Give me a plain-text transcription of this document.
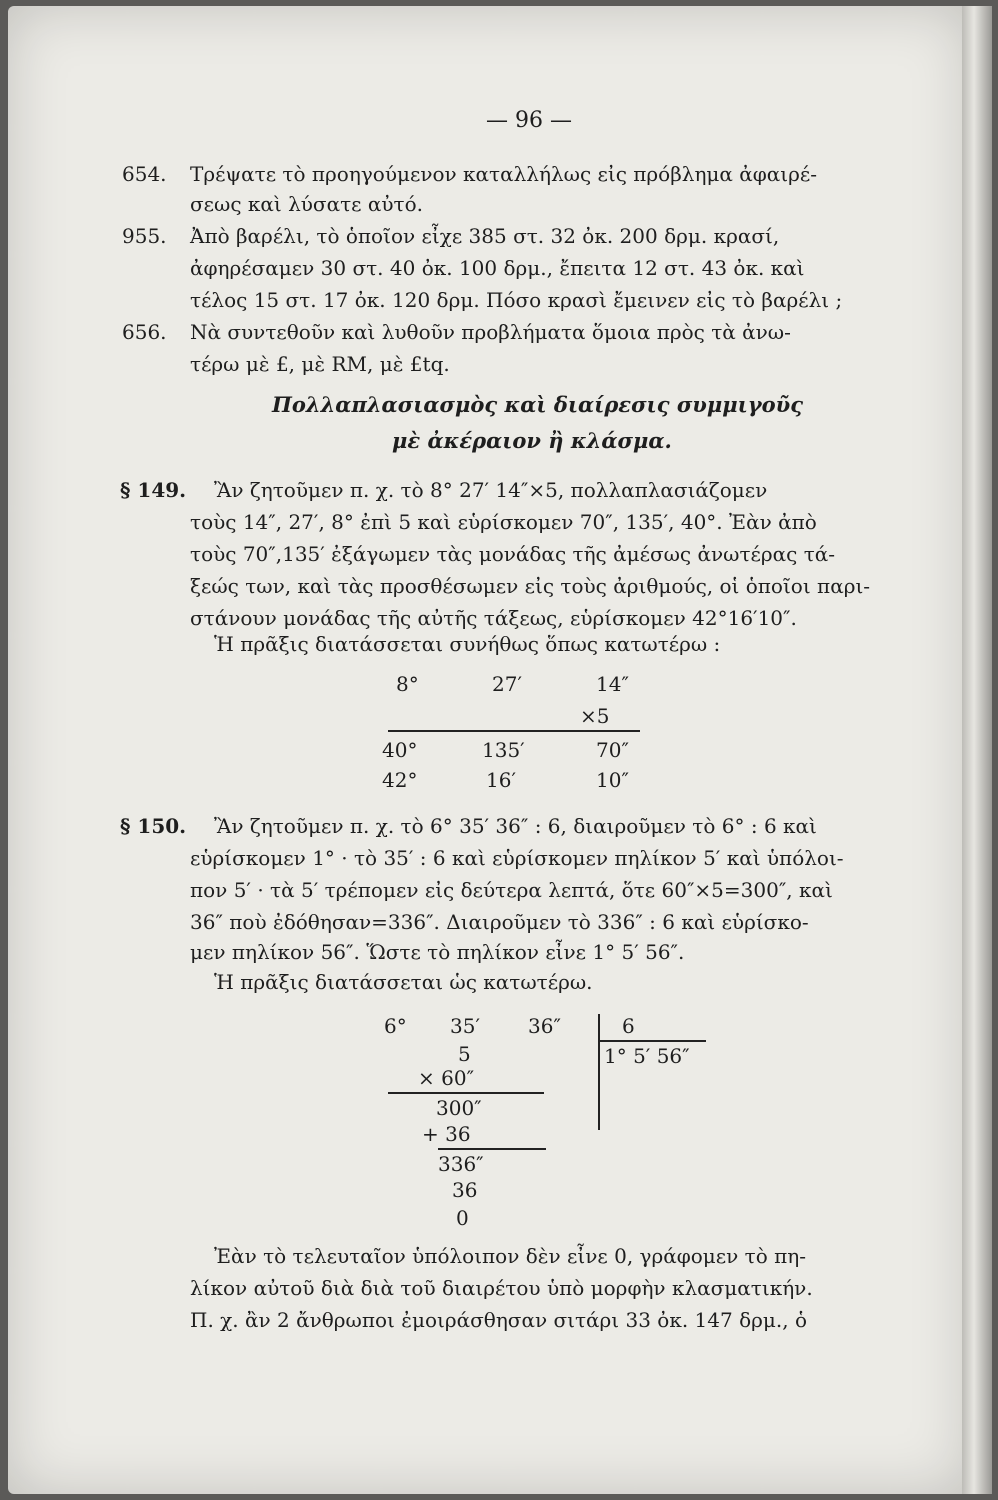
— 96 —
654. Τρέψατε τὸ προηγούμενον καταλλήλως εἰς πρόβλημα ἀφαιρέ-
σεως καὶ λύσατε αὐτό.
955. Ἀπὸ βαρέλι, τὸ ὁποῖον εἶχε 385 στ. 32 ὀκ. 200 δρμ. κρασί,
ἀφηρέσαμεν 30 στ. 40 ὀκ. 100 δρμ., ἔπειτα 12 στ. 43 ὀκ. καὶ
τέλος 15 στ. 17 ὀκ. 120 δρμ. Πόσο κρασὶ ἔμεινεν εἰς τὸ βαρέλι ;
656. Νὰ συντεθοῦν καὶ λυθοῦν προβλήματα ὅμοια πρὸς τὰ ἀνω-
τέρω μὲ £, μὲ RM, μὲ £tq.
Πολλαπλασιασμὸς καὶ διαίρεσις συμμιγοῦς
μὲ ἀκέραιον ἢ κλάσμα.
§ 149. Ἂν ζητοῦμεν π. χ. τὸ 8° 27′ 14″×5, πολλαπλασιάζομεν
τοὺς 14″, 27′, 8° ἐπὶ 5 καὶ εὑρίσκομεν 70″, 135′, 40°. Ἐὰν ἀπὸ
τοὺς 70″,135′ ἐξάγωμεν τὰς μονάδας τῆς ἀμέσως ἀνωτέρας τά-
ξεώς των, καὶ τὰς προσθέσωμεν εἰς τοὺς ἀριθμούς, οἱ ὁποῖοι παρι-
στάνουν μονάδας τῆς αὐτῆς τάξεως, εὑρίσκομεν 42°16′10″.
Ἡ πρᾶξις διατάσσεται συνήθως ὅπως κατωτέρω :
8°	27′	14″
×5
40°	135′	70″
42°	16′	10″
§ 150. Ἂν ζητοῦμεν π. χ. τὸ 6° 35′ 36″ : 6, διαιροῦμεν τὸ 6° : 6 καὶ
εὑρίσκομεν 1° · τὸ 35′ : 6 καὶ εὑρίσκομεν πηλίκον 5′ καὶ ὑπόλοι-
πον 5′ · τὰ 5′ τρέπομεν εἰς δεύτερα λεπτά, ὅτε 60″×5=300″, καὶ
36″ ποὺ ἐδόθησαν=336″. Διαιροῦμεν τὸ 336″ : 6 καὶ εὑρίσκο-
μεν πηλίκον 56″. Ὥστε τὸ πηλίκον εἶνε 1° 5′ 56″.
Ἡ πρᾶξις διατάσσεται ὡς κατωτέρω.
6° 35′ 36″	6
1° 5′ 56″
5
× 60″
300″
+ 36
336″
36
0
Ἐὰν τὸ τελευταῖον ὑπόλοιπον δὲν εἶνε 0, γράφομεν τὸ πη-
λίκον αὐτοῦ διὰ διὰ τοῦ διαιρέτου ὑπὸ μορφὴν κλασματικήν.
Π. χ. ἂν 2 ἄνθρωποι ἐμοιράσθησαν σιτάρι 33 ὀκ. 147 δρμ., ὁ
